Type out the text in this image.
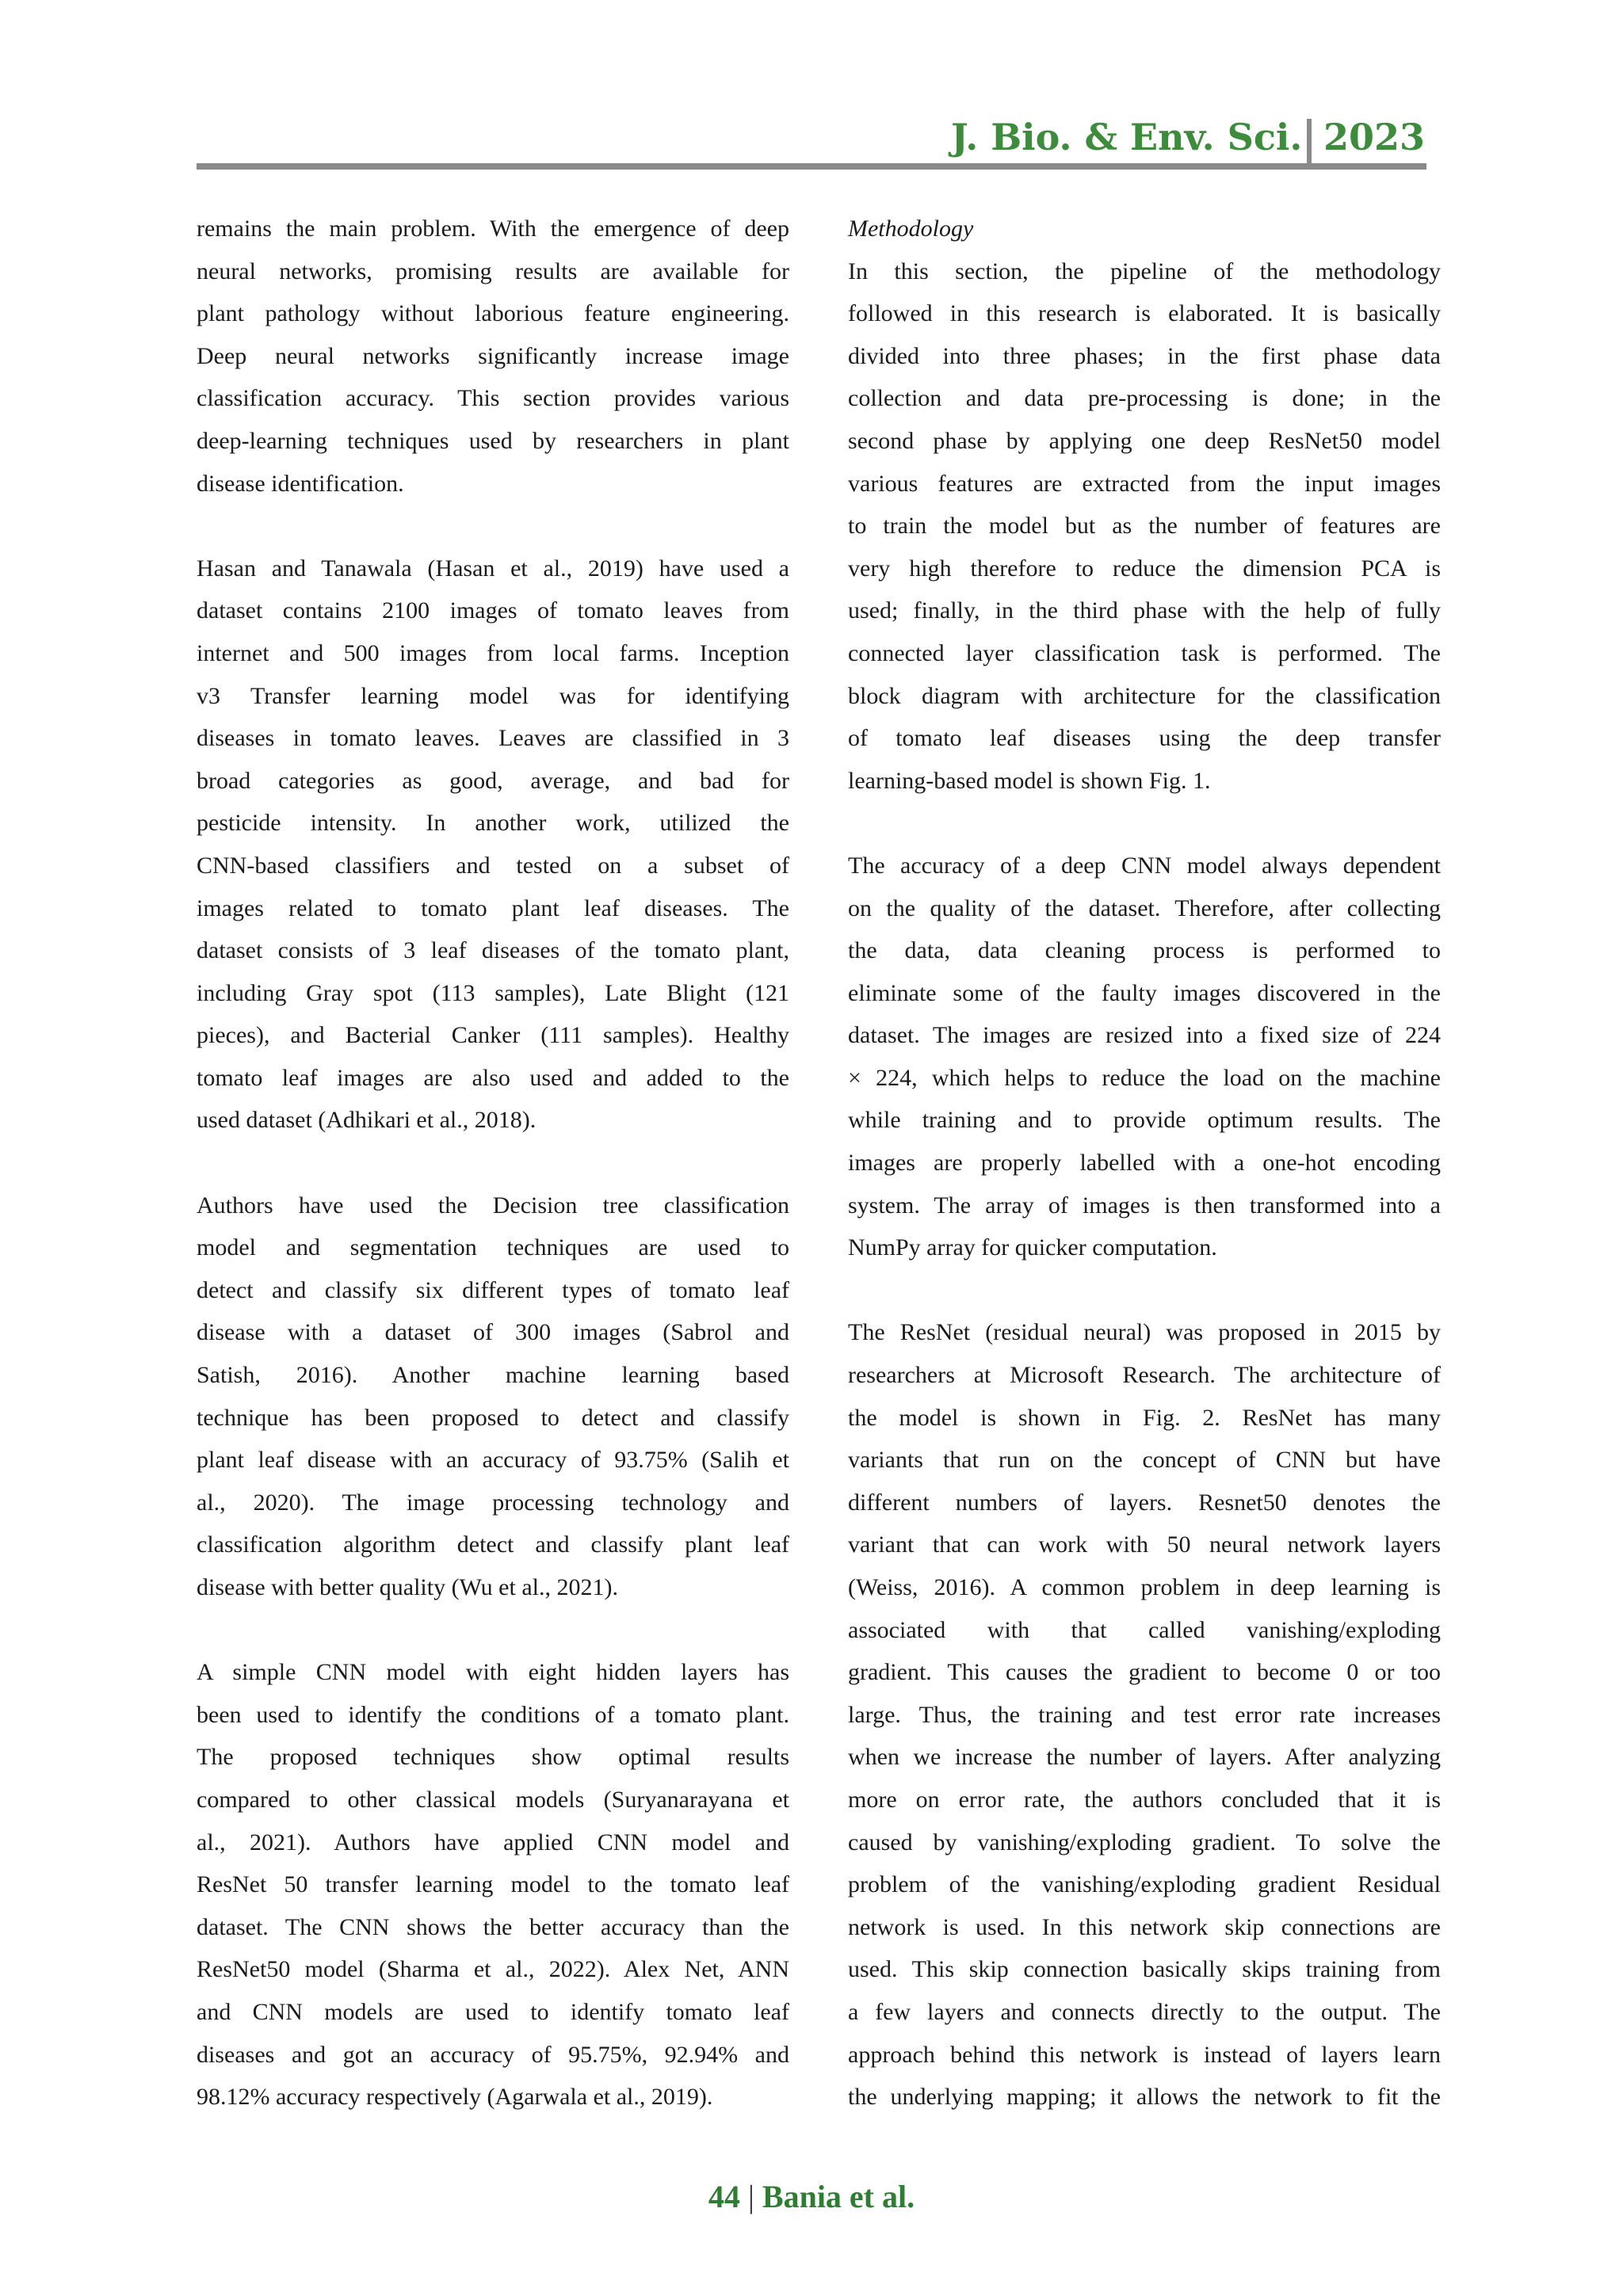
J. Bio. & Env. Sci. 2023
remains the main problem. With the emergence of deep
neural networks, promising results are available for
plant pathology without laborious feature engineering.
Deep neural networks significantly increase image
classification accuracy. This section provides various
deep-learning techniques used by researchers in plant
disease identification.
Hasan and Tanawala (Hasan et al., 2019) have used a
dataset contains 2100 images of tomato leaves from
internet and 500 images from local farms. Inception
v3 Transfer learning model was for identifying
diseases in tomato leaves. Leaves are classified in 3
broad categories as good, average, and bad for
pesticide intensity. In another work, utilized the
CNN-based classifiers and tested on a subset of
images related to tomato plant leaf diseases. The
dataset consists of 3 leaf diseases of the tomato plant,
including Gray spot (113 samples), Late Blight (121
pieces), and Bacterial Canker (111 samples). Healthy
tomato leaf images are also used and added to the
used dataset (Adhikari et al., 2018).
Authors have used the Decision tree classification
model and segmentation techniques are used to
detect and classify six different types of tomato leaf
disease with a dataset of 300 images (Sabrol and
Satish, 2016). Another machine learning based
technique has been proposed to detect and classify
plant leaf disease with an accuracy of 93.75% (Salih et
al., 2020). The image processing technology and
classification algorithm detect and classify plant leaf
disease with better quality (Wu et al., 2021).
A simple CNN model with eight hidden layers has
been used to identify the conditions of a tomato plant.
The proposed techniques show optimal results
compared to other classical models (Suryanarayana et
al., 2021). Authors have applied CNN model and
ResNet 50 transfer learning model to the tomato leaf
dataset. The CNN shows the better accuracy than the
ResNet50 model (Sharma et al., 2022). Alex Net, ANN
and CNN models are used to identify tomato leaf
diseases and got an accuracy of 95.75%, 92.94% and
98.12% accuracy respectively (Agarwala et al., 2019).
Methodology
In this section, the pipeline of the methodology
followed in this research is elaborated. It is basically
divided into three phases; in the first phase data
collection and data pre-processing is done; in the
second phase by applying one deep ResNet50 model
various features are extracted from the input images
to train the model but as the number of features are
very high therefore to reduce the dimension PCA is
used; finally, in the third phase with the help of fully
connected layer classification task is performed. The
block diagram with architecture for the classification
of tomato leaf diseases using the deep transfer
learning-based model is shown Fig. 1.
The accuracy of a deep CNN model always dependent
on the quality of the dataset. Therefore, after collecting
the data, data cleaning process is performed to
eliminate some of the faulty images discovered in the
dataset. The images are resized into a fixed size of 224
× 224, which helps to reduce the load on the machine
while training and to provide optimum results. The
images are properly labelled with a one-hot encoding
system. The array of images is then transformed into a
NumPy array for quicker computation.
The ResNet (residual neural) was proposed in 2015 by
researchers at Microsoft Research. The architecture of
the model is shown in Fig. 2. ResNet has many
variants that run on the concept of CNN but have
different numbers of layers. Resnet50 denotes the
variant that can work with 50 neural network layers
(Weiss, 2016). A common problem in deep learning is
associated with that called vanishing/exploding
gradient. This causes the gradient to become 0 or too
large. Thus, the training and test error rate increases
when we increase the number of layers. After analyzing
more on error rate, the authors concluded that it is
caused by vanishing/exploding gradient. To solve the
problem of the vanishing/exploding gradient Residual
network is used. In this network skip connections are
used. This skip connection basically skips training from
a few layers and connects directly to the output. The
approach behind this network is instead of layers learn
the underlying mapping; it allows the network to fit the
44 | Bania et al.
